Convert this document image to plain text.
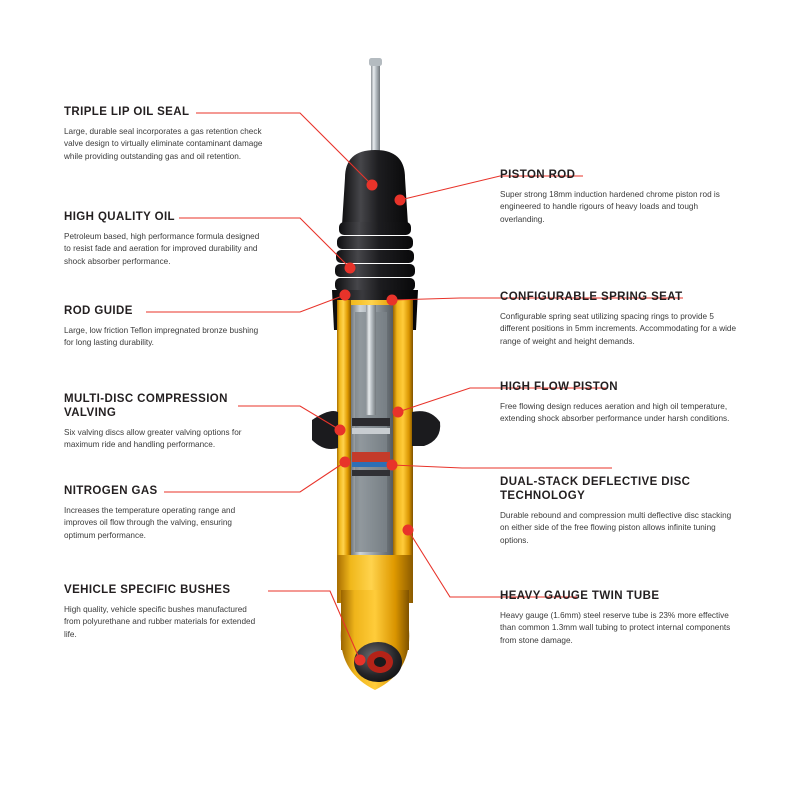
TRIPLE LIP OIL SEAL
Large, durable seal incorporates a gas retention check valve design to virtually eliminate contaminant damage while providing outstanding gas and oil retention.
HIGH QUALITY OIL
Petroleum based, high performance formula designed to resist fade and aeration for improved durability and shock absorber performance.
ROD GUIDE
Large, low friction Teflon impregnated bronze bushing for long lasting durability.
MULTI-DISC COMPRESSION VALVING
Six valving discs allow greater valving options for maximum ride and handling performance.
NITROGEN GAS
Increases the temperature operating range and improves oil flow through the valving, ensuring optimum performance.
VEHICLE SPECIFIC BUSHES
High quality, vehicle specific bushes manufactured from polyurethane and rubber materials for extended life.
PISTON ROD
Super strong 18mm induction hardened chrome piston rod is engineered to handle rigours of heavy loads and tough overlanding.
CONFIGURABLE SPRING SEAT
Configurable spring seat utilizing spacing rings to provide 5 different positions in 5mm increments. Accommodating for a wide range of weight and height demands.
HIGH FLOW PISTON
Free flowing design reduces aeration and high oil temperature, extending shock absorber performance under harsh conditions.
DUAL-STACK DEFLECTIVE DISC TECHNOLOGY
Durable rebound and compression multi deflective disc stacking on either side of the free flowing piston allows infinite tuning options.
HEAVY GAUGE TWIN TUBE
Heavy gauge (1.6mm) steel reserve tube is 23% more effective than common 1.3mm wall tubing to protect internal components from stone damage.
